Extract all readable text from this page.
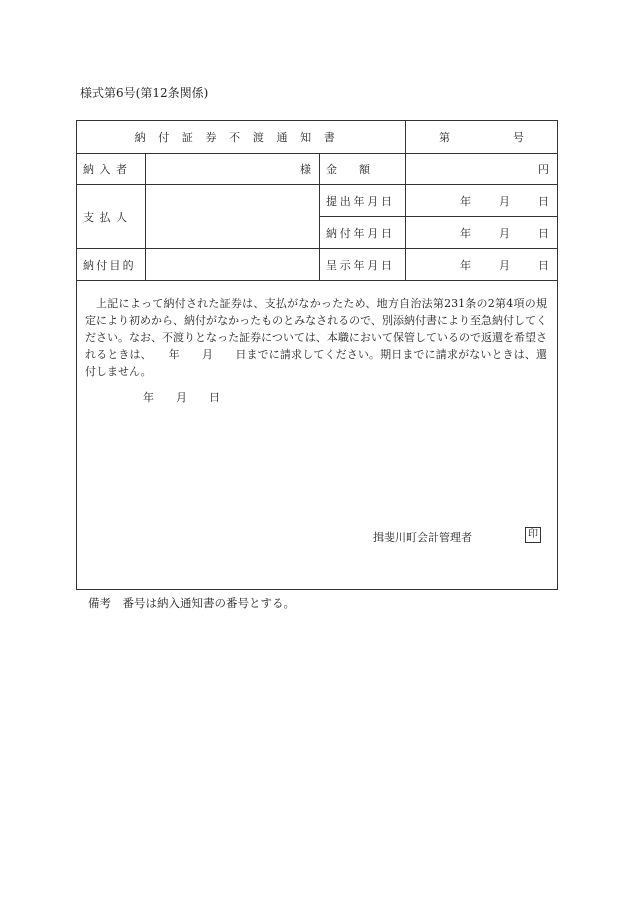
様式第6号(第12条関係)
納付証券不渡通知書			第 号
納入者	様	金　　額	円
支払人		提出年月日	年 月 日
		納付年月日	年 月 日
納付目的		呈示年月日	年 月 日

上記によって納付された証券は、支払がなかったため、地方自治法第231条の2第4項の規定により初めから、納付がなかったものとみなされるので、別添納付書により至急納付してください。なお、不渡りとなった証券については、本職において保管しているので返還を希望されるときは、　　年　　月　　日までに請求してください。期日までに請求がないときは、還付しません。
年　　月　　日
揖斐川町会計管理者 印			
備考　番号は納入通知書の番号とする。
